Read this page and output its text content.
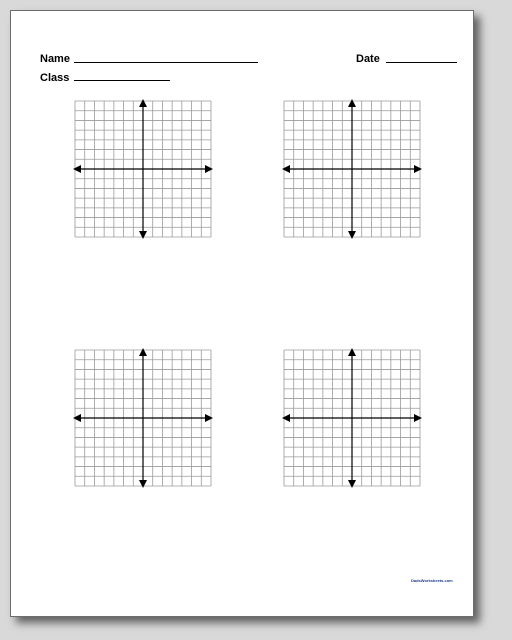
Name	Date
Class
DadsWorksheets.com
